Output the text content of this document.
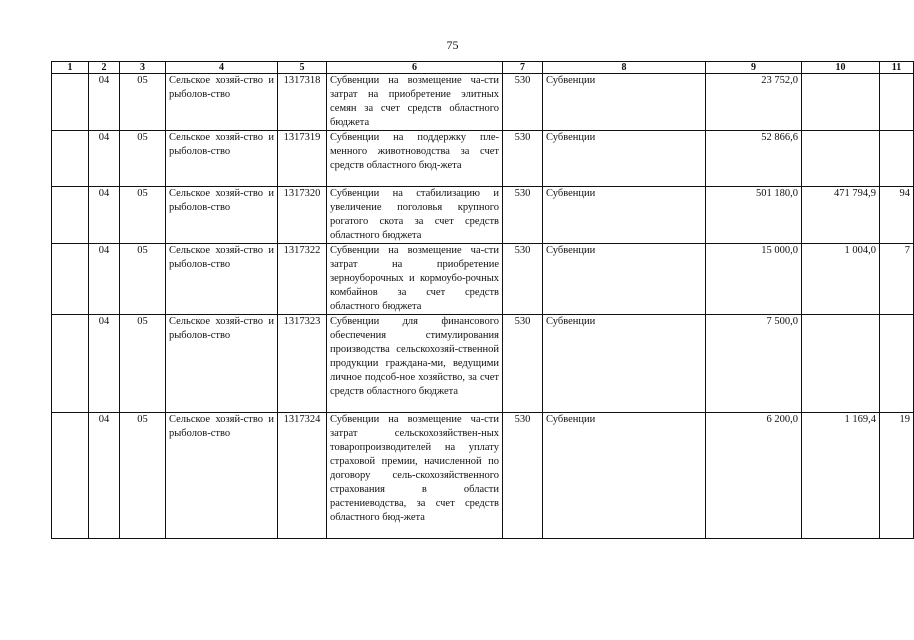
75
1	2	3	4	5	6	7	8	9	10	11
	04	05	Сельское хозяй-ство и рыболов-ство	1317318	Субвенции на возмещение ча-сти затрат на приобретение элитных семян за счет средств областного бюджета	530	Субвенции	23 752,0		
	04	05	Сельское хозяй-ство и рыболов-ство	1317319	Субвенции на поддержку пле-менного животноводства за счет средств областного бюд-жета	530	Субвенции	52 866,6		
	04	05	Сельское хозяй-ство и рыболов-ство	1317320	Субвенции на стабилизацию и увеличение поголовья крупного рогатого скота за счет средств областного бюджета	530	Субвенции	501 180,0	471 794,9	94
	04	05	Сельское хозяй-ство и рыболов-ство	1317322	Субвенции на возмещение ча-сти затрат на приобретение зерноуборочных и кормоубо-рочных комбайнов за счет средств областного бюджета	530	Субвенции	15 000,0	1 004,0	7
	04	05	Сельское хозяй-ство и рыболов-ство	1317323	Субвенции для финансового обеспечения стимулирования производства сельскохозяй-ственной продукции граждана-ми, ведущими личное подсоб-ное хозяйство, за счет средств областного бюджета	530	Субвенции	7 500,0		
	04	05	Сельское хозяй-ство и рыболов-ство	1317324	Субвенции на возмещение ча-сти затрат сельскохозяйствен-ных товаропроизводителей на уплату страховой премии, начисленной по договору сель-скохозяйственного страхования в области растениеводства, за счет средств областного бюд-жета	530	Субвенции	6 200,0	1 169,4	19
